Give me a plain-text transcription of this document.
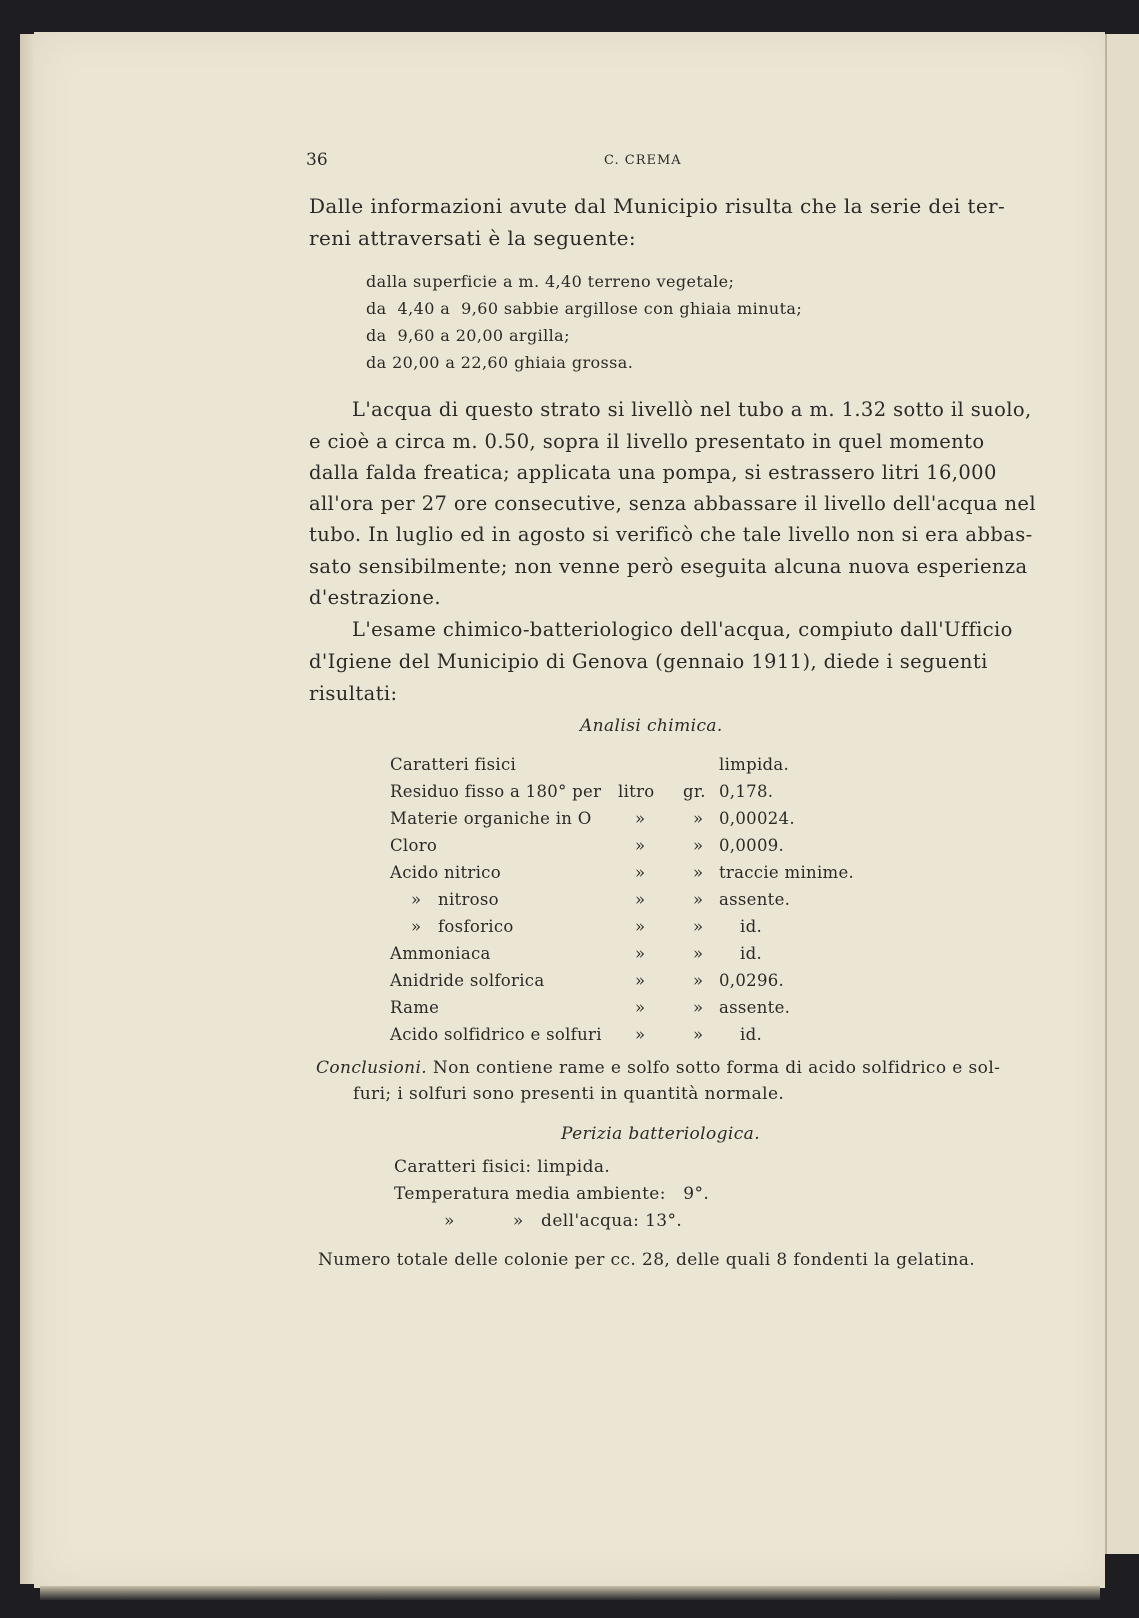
36	C. CREMA
Dalle informazioni avute dal Municipio risulta che la serie dei ter-
reni attraversati è la seguente:
dalla superficie a m. 4,40 terreno vegetale;
da  4,40 a  9,60 sabbie argillose con ghiaia minuta;
da  9,60 a 20,00 argilla;
da 20,00 a 22,60 ghiaia grossa.
L'acqua di questo strato si livellò nel tubo a m. 1.32 sotto il suolo,
e cioè a circa m. 0.50, sopra il livello presentato in quel momento
dalla falda freatica; applicata una pompa, si estrassero litri 16,000
all'ora per 27 ore consecutive, senza abbassare il livello dell'acqua nel
tubo. In luglio ed in agosto si verificò che tale livello non si era abbas-
sato sensibilmente; non venne però eseguita alcuna nuova esperienza
d'estrazione.
L'esame chimico-batteriologico dell'acqua, compiuto dall'Ufficio
d'Igiene del Municipio di Genova (gennaio 1911), diede i seguenti
risultati:
Analisi chimica.
Caratteri fisici	limpida.
Residuo fisso a 180° per litro gr. 0,178.
Materie organiche in O	»	» 0,00024.
Cloro	»	» 0,0009.
Acido nitrico	»	» traccie minime.
»   nitroso	»	» assente.
»   fosforico	»	» id.
Ammoniaca	»	» id.
Anidride solforica	»	» 0,0296.
Rame	»	» assente.
Acido solfidrico e solfuri »	» id.
Conclusioni. Non contiene rame e solfo sotto forma di acido solfidrico e sol-
furi; i solfuri sono presenti in quantità normale.
Perizia batteriologica.
Caratteri fisici: limpida.
Temperatura media ambiente:   9°.
»          »   dell'acqua: 13°.
Numero totale delle colonie per cc. 28, delle quali 8 fondenti la gelatina.
